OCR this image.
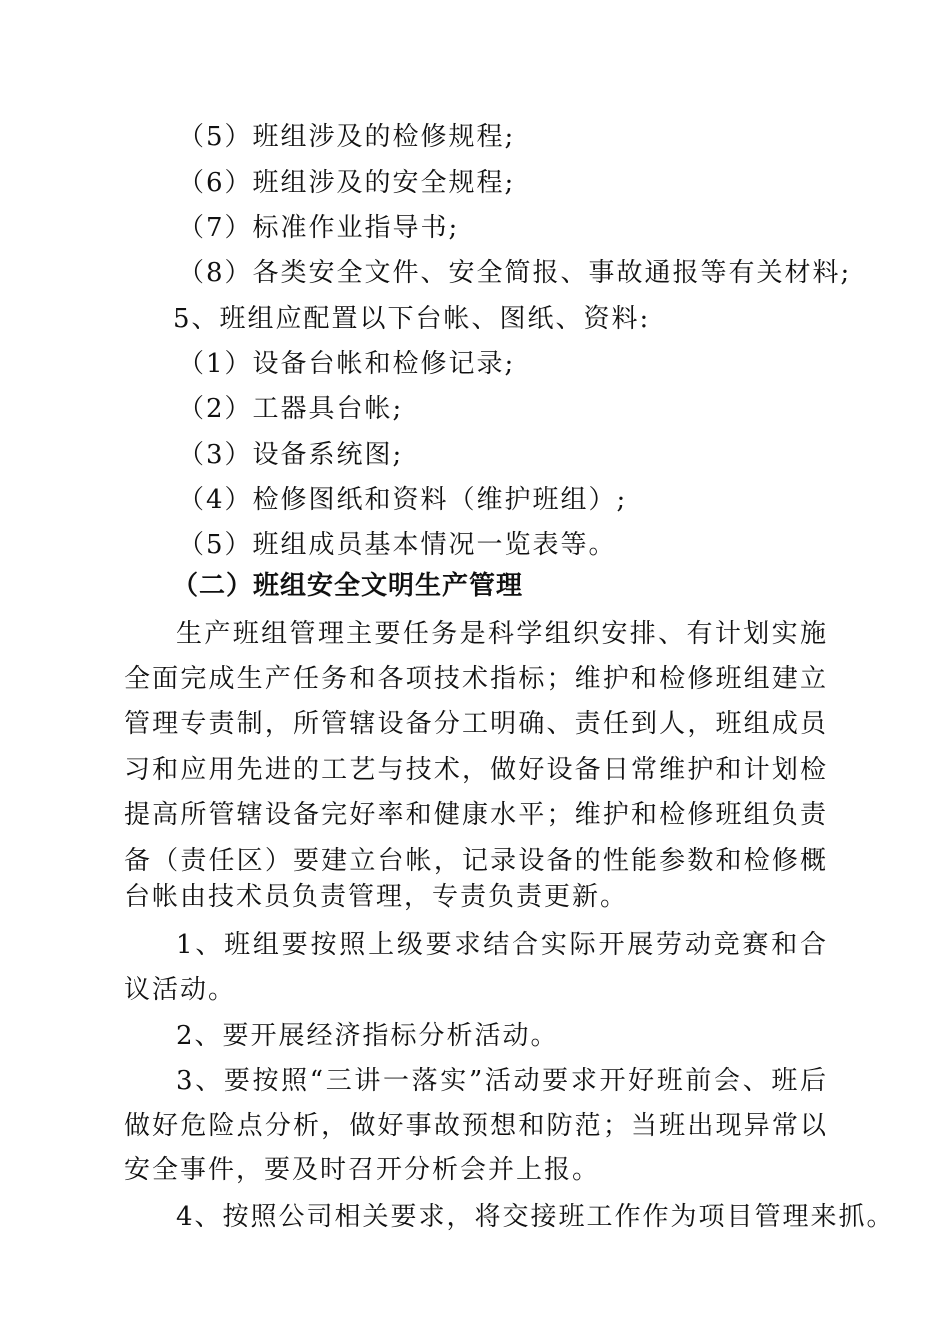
（5）班组涉及的检修规程;
（6）班组涉及的安全规程;
（7）标准作业指导书;
（8）各类安全文件、安全简报、事故通报等有关材料;
5、班组应配置以下台帐、图纸、资料:
（1）设备台帐和检修记录;
（2）工器具台帐;
（3）设备系统图;
（4）检修图纸和资料（维护班组）;
（5）班组成员基本情况一览表等。
（二）班组安全文明生产管理
生产班组管理主要任务是科学组织安排、有计划实施
全面完成生产任务和各项技术指标；维护和检修班组建立
管理专责制，所管辖设备分工明确、责任到人，班组成员
习和应用先进的工艺与技术，做好设备日常维护和计划检
提高所管辖设备完好率和健康水平；维护和检修班组负责
备（责任区）要建立台帐，记录设备的性能参数和检修概
台帐由技术员负责管理，专责负责更新。
1、班组要按照上级要求结合实际开展劳动竞赛和合
议活动。
2、要开展经济指标分析活动。
3、要按照“三讲一落实”活动要求开好班前会、班后
做好危险点分析，做好事故预想和防范；当班出现异常以
安全事件，要及时召开分析会并上报。
4、按照公司相关要求，将交接班工作作为项目管理来抓。
